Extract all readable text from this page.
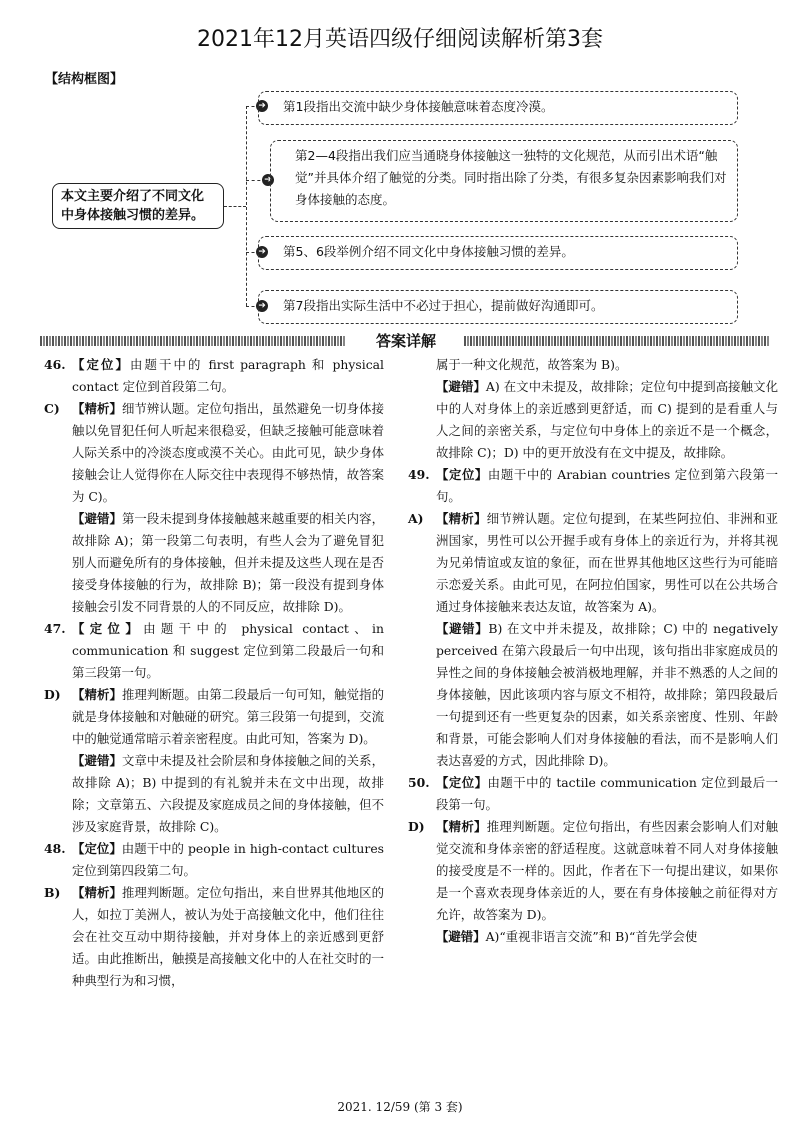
2021年12月英语四级仔细阅读解析第3套
【结构框图】
本文主要介绍了不同文化中身体接触习惯的差异。
➔
➔
➔
➔
第1段指出交流中缺少身体接触意味着态度冷漠。
第2—4段指出我们应当通晓身体接触这一独特的文化规范，从而引出术语“触觉”并具体介绍了触觉的分类。同时指出除了分类，有很多复杂因素影响我们对身体接触的态度。
第5、6段举例介绍不同文化中身体接触习惯的差异。
第7段指出实际生活中不必过于担心，提前做好沟通即可。
答案详解

46. 【定位】由题干中的 first paragraph 和 physical contact 定位到首段第二句。

C) 【精析】细节辨认题。定位句指出，虽然避免一切身体接触以免冒犯任何人听起来很稳妥，但缺乏接触可能意味着人际关系中的冷淡态度或漠不关心。由此可见，缺少身体接触会让人觉得你在人际交往中表现得不够热情，故答案为 C)。

【避错】第一段未提到身体接触越来越重要的相关内容，故排除 A)；第一段第二句表明，有些人会为了避免冒犯别人而避免所有的身体接触，但并未提及这些人现在是否接受身体接触的行为，故排除 B)；第一段没有提到身体接触会引发不同背景的人的不同反应，故排除 D)。

47. 【定位】由题干中的 physical contact、in communication 和 suggest 定位到第二段最后一句和第三段第一句。

D) 【精析】推理判断题。由第二段最后一句可知，触觉指的就是身体接触和对触碰的研究。第三段第一句提到，交流中的触觉通常暗示着亲密程度。由此可知，答案为 D)。

【避错】文章中未提及社会阶层和身体接触之间的关系，故排除 A)；B) 中提到的有礼貌并未在文中出现，故排除；文章第五、六段提及家庭成员之间的身体接触，但不涉及家庭背景，故排除 C)。

48. 【定位】由题干中的 people in high-contact cultures 定位到第四段第二句。

B) 【精析】推理判断题。定位句指出，来自世界其他地区的人，如拉丁美洲人，被认为处于高接触文化中，他们往往会在社交互动中期待接触，并对身体上的亲近感到更舒适。由此推断出，触摸是高接触文化中的人在社交时的一种典型行为和习惯，

属于一种文化规范，故答案为 B)。

【避错】A) 在文中未提及，故排除；定位句中提到高接触文化中的人对身体上的亲近感到更舒适，而 C) 提到的是看重人与人之间的亲密关系，与定位句中身体上的亲近不是一个概念，故排除 C)；D) 中的更开放没有在文中提及，故排除。

49. 【定位】由题干中的 Arabian countries 定位到第六段第一句。

A)	【精析】细节辨认题。定位句提到，在某些阿拉伯、非洲和亚洲国家，男性可以公开握手或有身体上的亲近行为，并将其视为兄弟情谊或友谊的象征，而在世界其他地区这些行为可能暗示恋爱关系。由此可见，在阿拉伯国家，男性可以在公共场合通过身体接触来表达友谊，故答案为 A)。

【避错】B) 在文中并未提及，故排除；C) 中的 negatively perceived 在第六段最后一句中出现，该句指出非家庭成员的异性之间的身体接触会被消极地理解，并非不熟悉的人之间的身体接触，因此该项内容与原文不相符，故排除；第四段最后一句提到还有一些更复杂的因素，如关系亲密度、性别、年龄和背景，可能会影响人们对身体接触的看法，而不是影响人们表达喜爱的方式，因此排除 D)。

50. 【定位】由题干中的 tactile communication 定位到最后一段第一句。

D) 【精析】推理判断题。定位句指出，有些因素会影响人们对触觉交流和身体亲密的舒适程度。这就意味着不同人对身体接触的接受度是不一样的。因此，作者在下一句提出建议，如果你是一个喜欢表现身体亲近的人，要在有身体接触之前征得对方允许，故答案为 D)。

【避错】A)“重视非语言交流”和 B)“首先学会使

2021. 12/59 (第 3 套)
